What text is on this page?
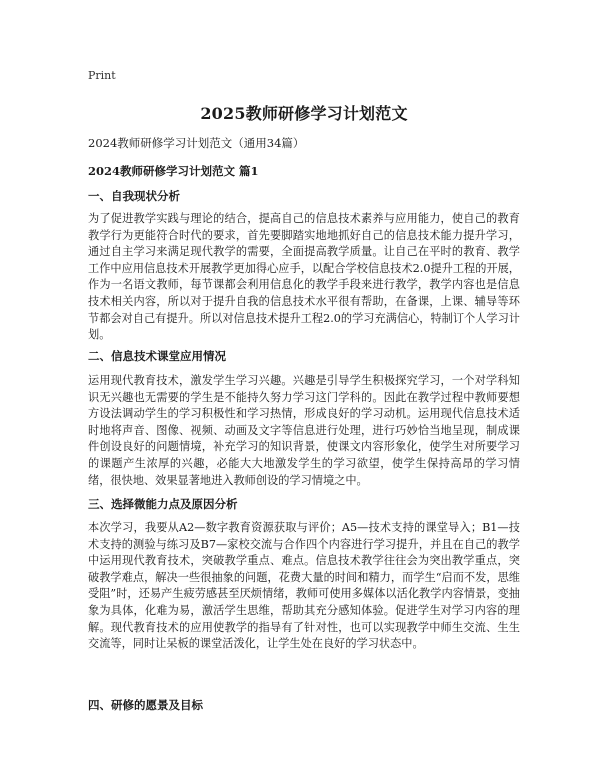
Print
2025教师研修学习计划范文
2024教师研修学习计划范文（通用34篇）
2024教师研修学习计划范文 篇1
一、自我现状分析
为了促进教学实践与理论的结合，提高自己的信息技术素养与应用能力，使自己的教育教学行为更能符合时代的要求，首先要脚踏实地地抓好自己的信息技术能力提升学习，通过自主学习来满足现代教学的需要，全面提高教学质量。让自己在平时的教育、教学工作中应用信息技术开展教学更加得心应手，以配合学校信息技术2.0提升工程的开展，作为一名语文教师，每节课都会利用信息化的教学手段来进行教学，教学内容也是信息技术相关内容，所以对于提升自我的信息技术水平很有帮助，在备课，上课、辅导等环节都会对自己有提升。所以对信息技术提升工程2.0的学习充满信心，特制订个人学习计划。
二、信息技术课堂应用情况
运用现代教育技术，激发学生学习兴趣。兴趣是引导学生积极探究学习，一个对学科知识无兴趣也无需要的学生是不能持久努力学习这门学科的。因此在教学过程中教师要想方设法调动学生的学习积极性和学习热情，形成良好的学习动机。运用现代信息技术适时地将声音、图像、视频、动画及文字等信息进行处理，进行巧妙恰当地呈现，制成课件创设良好的问题情境，补充学习的知识背景，使课文内容形象化，使学生对所要学习的课题产生浓厚的兴趣，必能大大地激发学生的学习欲望，使学生保持高昂的学习情绪，很快地、效果显著地进入教师创设的学习情境之中。
三、选择微能力点及原因分析
本次学习，我要从A2—数字教育资源获取与评价；A5—技术支持的课堂导入；B1—技术支持的测验与练习及B7—家校交流与合作四个内容进行学习提升，并且在自己的教学中运用现代教育技术，突破教学重点、难点。信息技术教学往往会为突出教学重点，突破教学难点，解决一些很抽象的问题，花费大量的时间和精力，而学生“启而不发，思维受阻”时，还易产生疲劳感甚至厌烦情绪，教师可使用多媒体以活化教学内容情景，变抽象为具体，化难为易，激活学生思维，帮助其充分感知体验。促进学生对学习内容的理解。现代教育技术的应用使教学的指导有了针对性，也可以实现教学中师生交流、生生交流等，同时让呆板的课堂活泼化，让学生处在良好的学习状态中。
四、研修的愿景及目标
